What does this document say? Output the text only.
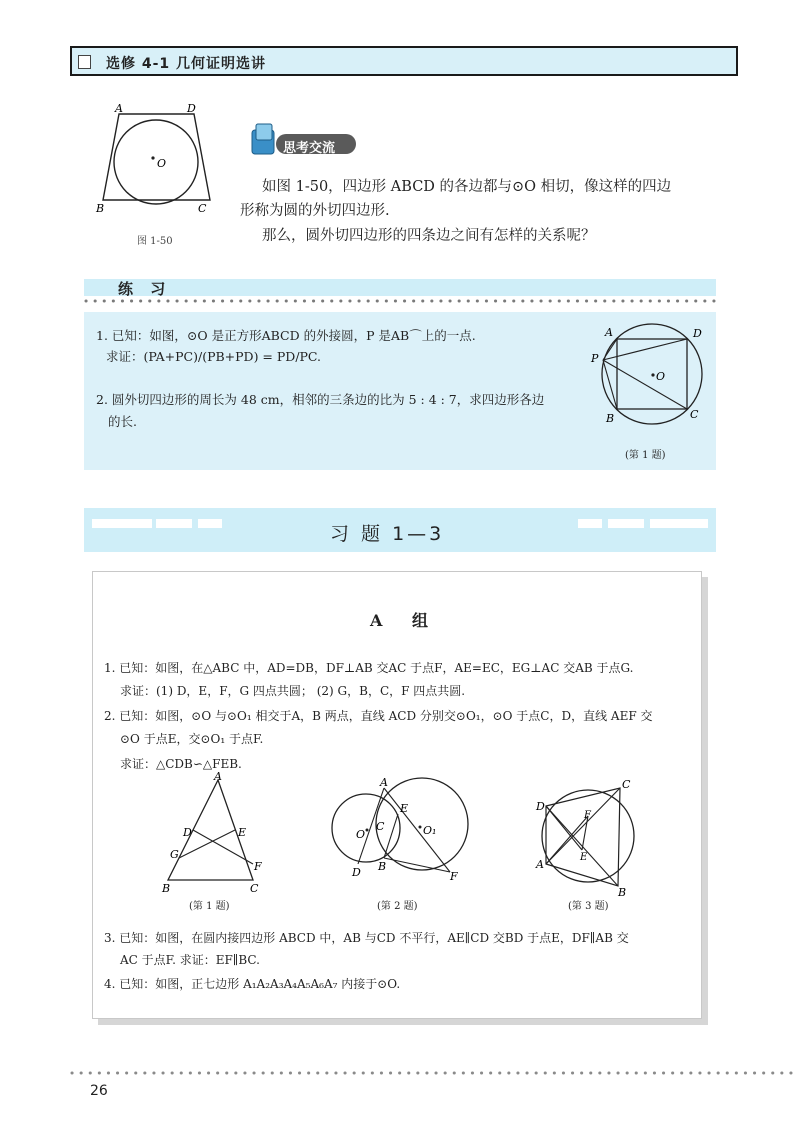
选修 4-1 几何证明选讲
A	D
B	C
O
图 1-50
思考交流
如图 1-50，四边形 ABCD 的各边都与⊙O 相切，像这样的四边
形称为圆的外切四边形.
那么，圆外切四边形的四条边之间有怎样的关系呢？
练 习
1. 已知：如图，⊙O 是正方形ABCD 的外接圆，P 是AB⌒上的一点.
求证：(PA+PC)/(PB+PD) = PD/PC.
2. 圆外切四边形的周长为 48 cm，相邻的三条边的比为 5 : 4 : 7，求四边形各边
的长.
A	D
P
O
B	C
(第 1 题)
习 题 1—3
A 组
1. 已知：如图，在△ABC 中，AD=DB，DF⊥AB 交AC 于点F，AE=EC，EG⊥AC 交AB 于点G.
求证：(1) D，E，F，G 四点共圆； (2) G，B，C，F 四点共圆.
2. 已知：如图，⊙O 与⊙O₁ 相交于A，B 两点，直线 ACD 分别交⊙O₁，⊙O 于点C，D，直线 AEF 交
⊙O 于点E，交⊙O₁ 于点F.
求证：△CDB∽△FEB.
A
D	E
G
F
B	C
(第 1 题)
A
E
C
O	O₁
B
D	F
(第 2 题)
C
D
F
E
A
B
(第 3 题)
3. 已知：如图，在圆内接四边形 ABCD 中，AB 与CD 不平行，AE∥CD 交BD 于点E，DF∥AB 交
AC 于点F. 求证：EF∥BC.
4. 已知：如图，正七边形 A₁A₂A₃A₄A₅A₆A₇ 内接于⊙O.
26
